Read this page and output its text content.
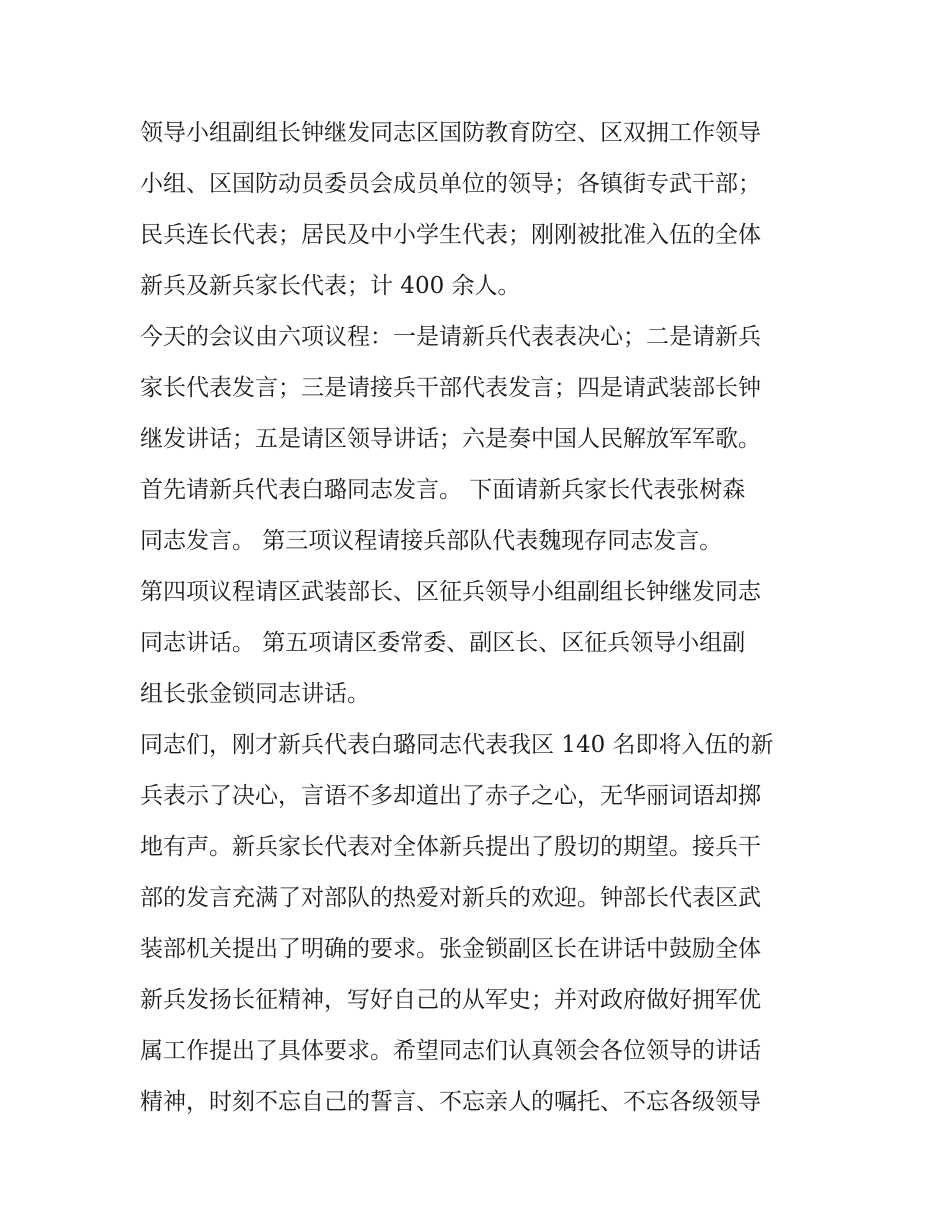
领导小组副组长钟继发同志区国防教育防空、区双拥工作领导
小组、区国防动员委员会成员单位的领导；各镇街专武干部；
民兵连长代表；居民及中小学生代表；刚刚被批准入伍的全体
新兵及新兵家长代表；计 400 余人。

今天的会议由六项议程：一是请新兵代表表决心；二是请新兵
家长代表发言；三是请接兵干部代表发言；四是请武装部长钟
继发讲话；五是请区领导讲话；六是奏中国人民解放军军歌。
首先请新兵代表白璐同志发言。 下面请新兵家长代表张树森
同志发言。 第三项议程请接兵部队代表魏现存同志发言。

第四项议程请区武装部长、区征兵领导小组副组长钟继发同志
同志讲话。 第五项请区委常委、副区长、区征兵领导小组副
组长张金锁同志讲话。

同志们，刚才新兵代表白璐同志代表我区 140 名即将入伍的新
兵表示了决心，言语不多却道出了赤子之心，无华丽词语却掷
地有声。新兵家长代表对全体新兵提出了殷切的期望。接兵干
部的发言充满了对部队的热爱对新兵的欢迎。钟部长代表区武
装部机关提出了明确的要求。张金锁副区长在讲话中鼓励全体
新兵发扬长征精神，写好自己的从军史；并对政府做好拥军优
属工作提出了具体要求。希望同志们认真领会各位领导的讲话
精神，时刻不忘自己的誓言、不忘亲人的嘱托、不忘各级领导
